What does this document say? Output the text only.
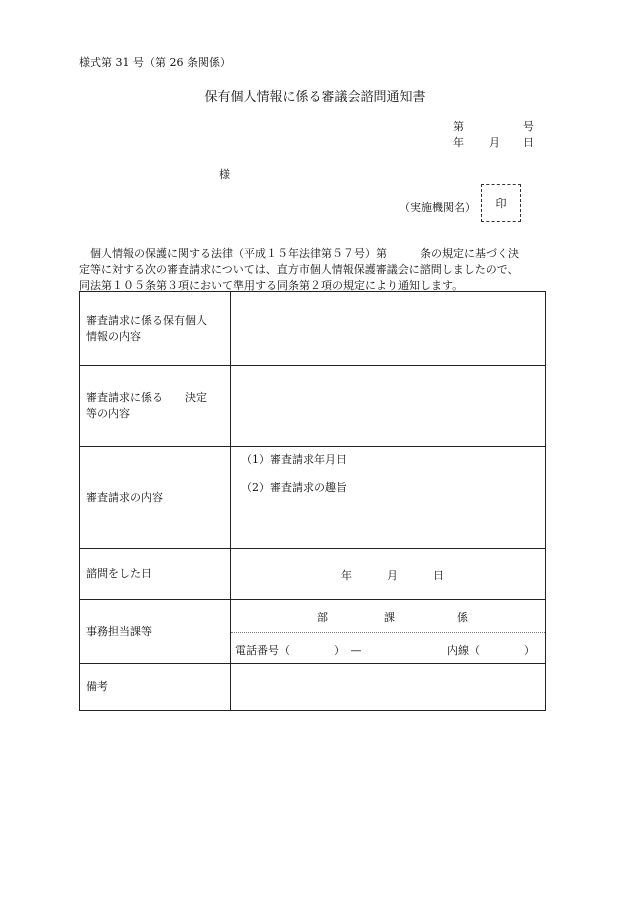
様式第 31 号（第 26 条関係）
保有個人情報に係る審議会諮問通知書
第	号
年 月 日
様
（実施機関名） 印
個人情報の保護に関する法律（平成１５年法律第５７号）第　　　条の規定に基づく決
定等に対する次の審査請求については、直方市個人情報保護審議会に諮問しましたので、
同法第１０５条第３項において準用する同条第２項の規定により通知します。
審査請求に係る保有個人情報の内容	

審査請求に係る　　決定等の内容	

審査請求の内容	（1）審査請求年月日
（2）審査請求の趣旨

諮問をした日	年 月 日

事務担当課等	部 課 係
電話番号（　　　　）　— 内線（　　　　）

備考	
